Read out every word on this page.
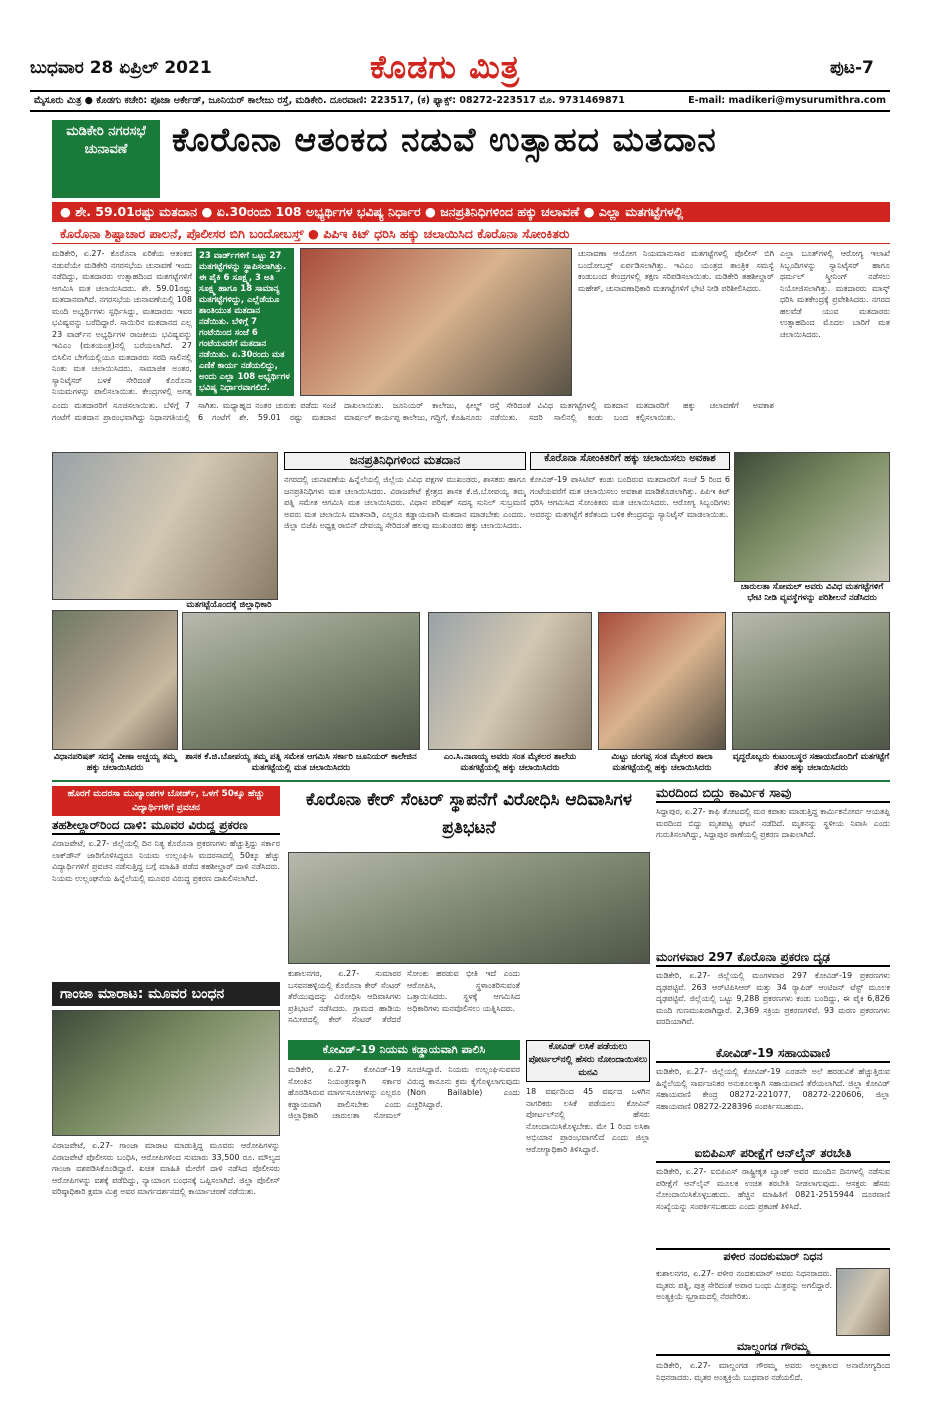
ಬುಧವಾರ 28 ಏಪ್ರಿಲ್ 2021	ಕೊಡಗು ಮಿತ್ರ	ಪುಟ-7
ಮೈಸೂರು ಮಿತ್ರ ● ಕೊಡಗು ಕಚೇರಿ: ಪೂಜಾ ಆರ್ಕೇಡ್, ಜೂನಿಯರ್ ಕಾಲೇಜು ರಸ್ತೆ, ಮಡಿಕೇರಿ. ದೂರವಾಣಿ: 223517, (ಕ) ಫ್ಯಾಕ್ಸ್: 08272-223517 ಮೊ. 9731469871	E-mail: madikeri@mysurumithra.com
ಮಡಿಕೇರಿ ನಗರಸಭೆ ಚುನಾವಣೆ	ಕೊರೊನಾ ಆತಂಕದ ನಡುವೆ ಉತ್ಸಾಹದ ಮತದಾನ
● ಶೇ. 59.01ರಷ್ಟು ಮತದಾನ ● ಏ.30ರಂದು 108 ಅಭ್ಯರ್ಥಿಗಳ ಭವಿಷ್ಯ ನಿರ್ಧಾರ ● ಜನಪ್ರತಿನಿಧಿಗಳಿಂದ ಹಕ್ಕು ಚಲಾವಣೆ ● ಎಲ್ಲಾ ಮತಗಟ್ಟೆಗಳಲ್ಲಿ
ಕೊರೊನಾ ಶಿಷ್ಟಾಚಾರ ಪಾಲನೆ, ಪೊಲೀಸರ ಬಿಗಿ ಬಂದೋಬಸ್ತ್ ● ಪಿಪಿಇ ಕಿಟ್ ಧರಿಸಿ ಹಕ್ಕು ಚಲಾಯಿಸಿದ ಕೊರೊನಾ ಸೋಂಕಿತರು
ಮಡಿಕೇರಿ, ಏ.27- ಕೊರೊನಾ ಏರಿಕೆಯ ಆತಂಕದ ನಡುವೆಯೇ ಮಡಿಕೇರಿ ನಗರಸಭೆಯ ಚುನಾವಣೆ ಇಂದು ನಡೆದಿದ್ದು, ಮತದಾರರು ಉತ್ಸಾಹದಿಂದ ಮತಗಟ್ಟೆಗಳಿಗೆ ಆಗಮಿಸಿ ಮತ ಚಲಾಯಿಸಿದರು. ಶೇ. 59.01ರಷ್ಟು ಮತದಾನವಾಗಿದೆ. ನಗರಸಭೆಯ ಚುನಾವಣೆಯಲ್ಲಿ 108 ಮಂದಿ ಅಭ್ಯರ್ಥಿಗಳು ಸ್ಪರ್ಧಿಸಿದ್ದು, ಮತದಾರರು ಇವರ ಭವಿಷ್ಯವನ್ನು ಬರೆದಿದ್ದಾರೆ. ಸಾಯಿರಿನ ಮತದಾನದ ಎಲ್ಲ 23 ವಾರ್ಡ್‌ನ ಅಭ್ಯರ್ಥಿಗಳ ರಾಜಕೀಯ ಭವಿಷ್ಯವನ್ನು ಇವಿಎಂ (ಮತಯಂತ್ರ)ನಲ್ಲಿ ಬರೆಯಲಾಗಿದೆ. 27 ಬಿಸಿಲಿನ ಬೇಗೆಯಲ್ಲಿಯೂ ಮತದಾರರು ಸರದಿ ಸಾಲಿನಲ್ಲಿ ನಿಂತು ಮತ ಚಲಾಯಿಸಿದರು. ಸಾಮಾಜಿಕ ಅಂತರ, ಸ್ಯಾನಿಟೈಸರ್ ಬಳಕೆ ಸೇರಿದಂತೆ ಕೊರೊನಾ ನಿಯಮಗಳನ್ನು ಪಾಲಿಸಲಾಯಿತು. ಕೇಂದ್ರಗಳಲ್ಲಿ ಅಗತ್ಯ
23 ವಾರ್ಡ್‌ಗಳಿಗೆ ಒಟ್ಟು 27 ಮತಗಟ್ಟೆಗಳನ್ನು ಸ್ಥಾಪಿಸಲಾಗಿತ್ತು. ಈ ಪೈಕಿ 6 ಸೂಕ್ಷ್ಮ, 3 ಅತಿ ಸೂಕ್ಷ್ಮ ಹಾಗೂ 18 ಸಾಮಾನ್ಯ ಮತಗಟ್ಟೆಗಳಿದ್ದು, ಎಲ್ಲೆಡೆಯೂ ಶಾಂತಿಯುತ ಮತದಾನ ನಡೆಯಿತು. ಬೆಳಿಗ್ಗೆ 7 ಗಂಟೆಯಿಂದ ಸಂಜೆ 6 ಗಂಟೆಯವರೆಗೆ ಮತದಾನ ನಡೆಯಿತು. ಏ.30ರಂದು ಮತ ಎಣಿಕೆ ಕಾರ್ಯ ನಡೆಯಲಿದ್ದು, ಅಂದು ಎಲ್ಲಾ 108 ಅಭ್ಯರ್ಥಿಗಳ ಭವಿಷ್ಯ ನಿರ್ಧಾರವಾಗಲಿದೆ.
ಚುನಾವಣಾ ಆಯೋಗ ನಿಯಮಾನುಸಾರ ಮತಗಟ್ಟೆಗಳಲ್ಲಿ ಪೊಲೀಸ್ ಬಿಗಿ ಬಂದೋಬಸ್ತ್ ಏರ್ಪಡಿಸಲಾಗಿತ್ತು. ಇವಿಎಂ ಯಂತ್ರದ ತಾಂತ್ರಿಕ ಸಮಸ್ಯೆ ಕಂಡುಬಂದ ಕೇಂದ್ರಗಳಲ್ಲಿ ತಕ್ಷಣ ಸರಿಪಡಿಸಲಾಯಿತು. ಮಡಿಕೇರಿ ತಹಶೀಲ್ದಾರ್ ಮಹೇಶ್, ಚುನಾವಣಾಧಿಕಾರಿ ಮತಗಟ್ಟೆಗಳಿಗೆ ಭೇಟಿ ನೀಡಿ ಪರಿಶೀಲಿಸಿದರು.
ಎಲ್ಲಾ ಬೂತ್‌ಗಳಲ್ಲಿ ಆರೋಗ್ಯ ಇಲಾಖೆ ಸಿಬ್ಬಂದಿಗಳನ್ನು ಸ್ಯಾನಿಟೈಸರ್ ಹಾಗೂ ಥರ್ಮಲ್ ಸ್ಕ್ರೀನಿಂಗ್ ನಡೆಸಲು ನಿಯೋಜಿಸಲಾಗಿತ್ತು. ಮತದಾರರು ಮಾಸ್ಕ್ ಧರಿಸಿ ಮತಕೇಂದ್ರಕ್ಕೆ ಪ್ರವೇಶಿಸಿದರು. ನಗರದ ಹಲವೆಡೆ ಯುವ ಮತದಾರರು ಉತ್ಸಾಹದಿಂದ ಮೊದಲ ಬಾರಿಗೆ ಮತ ಚಲಾಯಿಸಿದರು.
ಎಂದು ಮತದಾರರಿಗೆ ಸೂಚಿಸಲಾಯಿತು. ಬೆಳಿಗ್ಗೆ 7 ಗಂಟೆಗೆ ಮತದಾನ ಪ್ರಾರಂಭವಾಗಿದ್ದು ನಿಧಾನಗತಿಯಲ್ಲಿ ಸಾಗಿತು. ಮಧ್ಯಾಹ್ನದ ನಂತರ ಚುರುಕು ಪಡೆದು ಸಂಜೆ 6 ಗಂಟೆಗೆ ಶೇ. 59.01 ರಷ್ಟು ಮತದಾನ ದಾಖಲಾಯಿತು. ಜೂನಿಯರ್ ಕಾಲೇಜು, ಫೀಲ್ಡ್ ಮಾರ್ಷಲ್ ಕಾರ್ಯಪ್ಪ ಕಾಲೇಜು, ಗದ್ದಿಗೆ, ಕೊಹಿನೂರು ರಸ್ತೆ ಸೇರಿದಂತೆ ವಿವಿಧ ಮತಗಟ್ಟೆಗಳಲ್ಲಿ ಮತದಾನ ನಡೆಯಿತು. ಸದರಿ ಸಾಲಿನಲ್ಲಿ ಕಂಡು ಬಂದ ಮತದಾರರಿಗೆ ಹಕ್ಕು ಚಲಾವಣೆಗೆ ಅವಕಾಶ ಕಲ್ಪಿಸಲಾಯಿತು.
ಮತಗಟ್ಟೆಯೊಂದಕ್ಕೆ ಜಿಲ್ಲಾಧಿಕಾರಿ
ಜನಪ್ರತಿನಿಧಿಗಳಿಂದ ಮತದಾನ
ನಗರದಲ್ಲಿ ಚುನಾವಣೆಯ ಹಿನ್ನೆಲೆಯಲ್ಲಿ ಜಿಲ್ಲೆಯ ವಿವಿಧ ಪಕ್ಷಗಳ ಮುಖಂಡರು, ಶಾಸಕರು ಹಾಗೂ ಜನಪ್ರತಿನಿಧಿಗಳು ಮತ ಚಲಾಯಿಸಿದರು. ವಿರಾಜಪೇಟೆ ಕ್ಷೇತ್ರದ ಶಾಸಕ ಕೆ.ಜಿ.ಬೋಪಯ್ಯ ತಮ್ಮ ಪತ್ನಿ ಸಮೇತ ಆಗಮಿಸಿ ಮತ ಚಲಾಯಿಸಿದರು. ವಿಧಾನ ಪರಿಷತ್ ಸದಸ್ಯ ಸುನಿಲ್ ಸುಬ್ರಮಣಿ ಅವರು ಮತ ಚಲಾಯಿಸಿ ಮಾತನಾಡಿ, ಎಲ್ಲರೂ ಕಡ್ಡಾಯವಾಗಿ ಮತದಾನ ಮಾಡಬೇಕು ಎಂದರು. ಜಿಲ್ಲಾ ಬಿಜೆಪಿ ಅಧ್ಯಕ್ಷ ರಾಬಿನ್ ದೇವಯ್ಯ ಸೇರಿದಂತೆ ಹಲವು ಮುಖಂಡರು ಹಕ್ಕು ಚಲಾಯಿಸಿದರು.
ಕೊರೊನಾ ಸೋಂಕಿತರಿಗೆ ಹಕ್ಕು ಚಲಾಯಿಸಲು ಅವಕಾಶ
ಕೋವಿಡ್-19 ಪಾಸಿಟಿವ್ ಕಂಡು ಬಂದಿರುವ ಮತದಾರರಿಗೆ ಸಂಜೆ 5 ರಿಂದ 6 ಗಂಟೆಯವರೆಗೆ ಮತ ಚಲಾಯಿಸಲು ಅವಕಾಶ ಮಾಡಿಕೊಡಲಾಗಿತ್ತು. ಪಿಪಿಇ ಕಿಟ್ ಧರಿಸಿ ಆಗಮಿಸಿದ ಸೋಂಕಿತರು ಮತ ಚಲಾಯಿಸಿದರು. ಆರೋಗ್ಯ ಸಿಬ್ಬಂದಿಗಳು ಅವರನ್ನು ಮತಗಟ್ಟೆಗೆ ಕರೆತಂದು ಬಳಿಕ ಕೇಂದ್ರವನ್ನು ಸ್ಯಾನಿಟೈಸ್ ಮಾಡಲಾಯಿತು.
ಚಾರುಲತಾ ಸೋಮಲ್ ಅವರು ವಿವಿಧ ಮತಗಟ್ಟೆಗಳಿಗೆ ಭೇಟಿ ನೀಡಿ ವ್ಯವಸ್ಥೆಗಳನ್ನು ಪರಿಶೀಲನೆ ನಡೆಸಿದರು
ವಿಧಾನಪರಿಷತ್ ಸದಸ್ಯೆ ವೀಣಾ ಅಚ್ಚಯ್ಯ ತಮ್ಮ ಹಕ್ಕು ಚಲಾಯಿಸಿದರು
ಶಾಸಕ ಕೆ.ಜಿ.ಬೋಪಯ್ಯ ತಮ್ಮ ಪತ್ನಿ ಸಮೇತ ಆಗಮಿಸಿ ಸರ್ಕಾರಿ ಜೂನಿಯರ್ ಕಾಲೇಜಿನ ಮತಗಟ್ಟೆಯಲ್ಲಿ ಮತ ಚಲಾಯಿಸಿದರು
ಎಂ.ಸಿ.ನಾಣಯ್ಯ ಅವರು ಸಂತ ಮೈಕಲರ ಶಾಲೆಯ ಮತಗಟ್ಟೆಯಲ್ಲಿ ಹಕ್ಕು ಚಲಾಯಿಸಿದರು
ಮಿಟ್ಟು ಚಂಗಪ್ಪ ಸಂತ ಮೈಕಲರ ಶಾಲಾ ಮತಗಟ್ಟೆಯಲ್ಲಿ ಹಕ್ಕು ಚಲಾಯಿಸಿದರು
ವೃದ್ಧರೊಬ್ಬರು ಕುಟುಂಬಸ್ಥರ ಸಹಾಯದೊಂದಿಗೆ ಮತಗಟ್ಟೆಗೆ ತೆರಳಿ ಹಕ್ಕು ಚಲಾಯಿಸಿದರು
ಹೊರಗೆ ಮದರಸಾ ಮುಖ್ಯಾಂಶಗಳ ಬೋರ್ಡ್, ಒಳಗೆ 50ಕ್ಕೂ ಹೆಚ್ಚು ವಿದ್ಯಾರ್ಥಿಗಳಿಗೆ ಪ್ರವಚನ
ತಹಶೀಲ್ದಾರ್‌ರಿಂದ ದಾಳಿ: ಮೂವರ ವಿರುದ್ಧ ಪ್ರಕರಣ
ವಿರಾಜಪೇಟೆ, ಏ.27- ಜಿಲ್ಲೆಯಲ್ಲಿ ದಿನ ನಿತ್ಯ ಕೊರೊನಾ ಪ್ರಕರಣಗಳು ಹೆಚ್ಚುತ್ತಿದ್ದು ಸರ್ಕಾರ ಲಾಕ್‌ಡೌನ್ ಜಾರಿಗೊಳಿಸಿದ್ದರೂ ನಿಯಮ ಉಲ್ಲಂಘಿಸಿ ಮದರಸಾದಲ್ಲಿ 50ಕ್ಕೂ ಹೆಚ್ಚು ವಿದ್ಯಾರ್ಥಿಗಳಿಗೆ ಪ್ರವಚನ ನಡೆಸುತ್ತಿದ್ದ ಬಗ್ಗೆ ಮಾಹಿತಿ ಪಡೆದ ತಹಶೀಲ್ದಾರ್ ದಾಳಿ ನಡೆಸಿದರು. ನಿಯಮ ಉಲ್ಲಂಘನೆಯ ಹಿನ್ನೆಲೆಯಲ್ಲಿ ಮೂವರ ವಿರುದ್ಧ ಪ್ರಕರಣ ದಾಖಲಿಸಲಾಗಿದೆ.
ಗಾಂಜಾ ಮಾರಾಟ: ಮೂವರ ಬಂಧನ
ವಿರಾಜಪೇಟೆ, ಏ.27- ಗಾಂಜಾ ಮಾರಾಟ ಮಾಡುತ್ತಿದ್ದ ಮೂವರು ಆರೋಪಿಗಳನ್ನು ವಿರಾಜಪೇಟೆ ಪೊಲೀಸರು ಬಂಧಿಸಿ, ಆರೋಪಿಗಳಿಂದ ಸುಮಾರು 33,500 ರೂ. ಮೌಲ್ಯದ ಗಾಂಜಾ ವಶಪಡಿಸಿಕೊಂಡಿದ್ದಾರೆ. ಖಚಿತ ಮಾಹಿತಿ ಮೇರೆಗೆ ದಾಳಿ ನಡೆಸಿದ ಪೊಲೀಸರು ಆರೋಪಿಗಳನ್ನು ವಶಕ್ಕೆ ಪಡೆದಿದ್ದು, ನ್ಯಾಯಾಂಗ ಬಂಧನಕ್ಕೆ ಒಪ್ಪಿಸಲಾಗಿದೆ. ಜಿಲ್ಲಾ ಪೊಲೀಸ್ ವರಿಷ್ಠಾಧಿಕಾರಿ ಕ್ಷಮಾ ಮಿಶ್ರ ಅವರ ಮಾರ್ಗದರ್ಶನದಲ್ಲಿ ಕಾರ್ಯಾಚರಣೆ ನಡೆಯಿತು.
ಕೊರೊನಾ ಕೇರ್ ಸೆಂಟರ್ ಸ್ಥಾಪನೆಗೆ ವಿರೋಧಿಸಿ ಆದಿವಾಸಿಗಳ ಪ್ರತಿಭಟನೆ
ಕುಶಾಲನಗರ, ಏ.27- ಸುಮಾರರ ಬಸವನಹಳ್ಳಿಯಲ್ಲಿ ಕೊರೊನಾ ಕೇರ್ ಸೆಂಟರ್ ತೆರೆಯುವುದನ್ನು ವಿರೋಧಿಸಿ ಆದಿವಾಸಿಗಳು ಪ್ರತಿಭಟನೆ ನಡೆಸಿದರು. ಗ್ರಾಮದ ಹಾಡಿಯ ಸಮೀಪದಲ್ಲಿ ಕೇರ್ ಸೆಂಟರ್ ತೆರೆದರೆ ಸೋಂಕು ಹರಡುವ ಭೀತಿ ಇದೆ ಎಂದು ಆರೋಪಿಸಿ, ಸ್ಥಳಾಂತರಿಸುವಂತೆ ಒತ್ತಾಯಿಸಿದರು. ಸ್ಥಳಕ್ಕೆ ಆಗಮಿಸಿದ ಅಧಿಕಾರಿಗಳು ಮನವೊಲಿಸಲು ಯತ್ನಿಸಿದರು.
ಕೋವಿಡ್-19 ನಿಯಮ ಕಡ್ಡಾಯವಾಗಿ ಪಾಲಿಸಿ
ಮಡಿಕೇರಿ, ಏ.27- ಕೋವಿಡ್-19 ಸೋಂಕಿನ ನಿಯಂತ್ರಣಕ್ಕಾಗಿ ಸರ್ಕಾರ ಹೊರಡಿಸಿರುವ ಮಾರ್ಗಸೂಚಿಗಳನ್ನು ಎಲ್ಲರೂ ಕಡ್ಡಾಯವಾಗಿ ಪಾಲಿಸಬೇಕು ಎಂದು ಜಿಲ್ಲಾಧಿಕಾರಿ ಚಾರುಲತಾ ಸೋಮಲ್ ಸೂಚಿಸಿದ್ದಾರೆ. ನಿಯಮ ಉಲ್ಲಂಘಿಸುವವರ ವಿರುದ್ಧ ಕಾನೂನು ಕ್ರಮ ಕೈಗೊಳ್ಳಲಾಗುವುದು (Non Bailable) ಎಂದು ಎಚ್ಚರಿಸಿದ್ದಾರೆ.
ಕೋವಿಡ್ ಲಸಿಕೆ ಪಡೆಯಲು ಪೋರ್ಟಲ್‌ನಲ್ಲಿ ಹೆಸರು ನೋಂದಾಯಿಸಲು ಮನವಿ
18 ವರ್ಷದಿಂದ 45 ವರ್ಷದ ಒಳಗಿನ ನಾಗರಿಕರು ಲಸಿಕೆ ಪಡೆಯಲು ಕೋವಿನ್ ಪೋರ್ಟಲ್‌ನಲ್ಲಿ ಹೆಸರು ನೋಂದಾಯಿಸಿಕೊಳ್ಳಬೇಕು. ಮೇ 1 ರಿಂದ ಲಸಿಕಾ ಅಭಿಯಾನ ಪ್ರಾರಂಭವಾಗಲಿದೆ ಎಂದು ಜಿಲ್ಲಾ ಆರೋಗ್ಯಾಧಿಕಾರಿ ತಿಳಿಸಿದ್ದಾರೆ.
ಮರದಿಂದ ಬಿದ್ದು ಕಾರ್ಮಿಕ ಸಾವು
ಸಿದ್ದಾಪುರ, ಏ.27- ಕಾಫಿ ತೋಟದಲ್ಲಿ ಮರ ಕಪಾತು ಮಾಡುತ್ತಿದ್ದ ಕಾರ್ಮಿಕನೋರ್ವ ಆಯತಪ್ಪಿ ಮರದಿಂದ ಬಿದ್ದು ಮೃತಪಟ್ಟ ಘಟನೆ ನಡೆದಿದೆ. ಮೃತನನ್ನು ಸ್ಥಳೀಯ ನಿವಾಸಿ ಎಂದು ಗುರುತಿಸಲಾಗಿದ್ದು, ಸಿದ್ದಾಪುರ ಠಾಣೆಯಲ್ಲಿ ಪ್ರಕರಣ ದಾಖಲಾಗಿದೆ.
ಮಂಗಳವಾರ 297 ಕೊರೊನಾ ಪ್ರಕರಣ ದೃಢ
ಮಡಿಕೇರಿ, ಏ.27- ಜಿಲ್ಲೆಯಲ್ಲಿ ಮಂಗಳವಾರ 297 ಕೋವಿಡ್-19 ಪ್ರಕರಣಗಳು ದೃಢಪಟ್ಟಿವೆ. 263 ಆರ್‌ಟಿಪಿಸಿಆರ್ ಮತ್ತು 34 ರ‍್ಯಾಪಿಡ್ ಆಂಟಿಜನ್ ಟೆಸ್ಟ್ ಮೂಲಕ ದೃಢಪಟ್ಟಿವೆ. ಜಿಲ್ಲೆಯಲ್ಲಿ ಒಟ್ಟು 9,288 ಪ್ರಕರಣಗಳು ಕಂಡು ಬಂದಿದ್ದು, ಈ ಪೈಕಿ 6,826 ಮಂದಿ ಗುಣಮುಖರಾಗಿದ್ದಾರೆ. 2,369 ಸಕ್ರಿಯ ಪ್ರಕರಣಗಳಿವೆ. 93 ಮರಣ ಪ್ರಕರಣಗಳು ವರದಿಯಾಗಿವೆ.
ಕೋವಿಡ್-19 ಸಹಾಯವಾಣಿ
ಮಡಿಕೇರಿ, ಏ.27- ಜಿಲ್ಲೆಯಲ್ಲಿ ಕೋವಿಡ್-19 ಎರಡನೇ ಅಲೆ ಹರಡುವಿಕೆ ಹೆಚ್ಚುತ್ತಿರುವ ಹಿನ್ನೆಲೆಯಲ್ಲಿ ಸಾರ್ವಜನಿಕರ ಅನುಕೂಲಕ್ಕಾಗಿ ಸಹಾಯವಾಣಿ ತೆರೆಯಲಾಗಿದೆ. ಜಿಲ್ಲಾ ಕೋವಿಡ್ ಸಹಾಯವಾಣಿ ಕೇಂದ್ರ 08272-221077, 08272-220606, ಜಿಲ್ಲಾ ಸಹಾಯವಾಣಿ 08272-228396 ಸಂಪರ್ಕಿಸಬಹುದು.
ಐಬಿಪಿಎಸ್ ಪರೀಕ್ಷೆಗೆ ಆನ್‌ಲೈನ್ ತರಬೇತಿ
ಮಡಿಕೇರಿ, ಏ.27- ಐಬಿಪಿಎಸ್ ರಾಷ್ಟ್ರೀಕೃತ ಬ್ಯಾಂಕ್ ಅವರ ಮುಂದಿನ ದಿನಗಳಲ್ಲಿ ನಡೆಸುವ ಪರೀಕ್ಷೆಗೆ ಆನ್‌ಲೈನ್ ಮೂಲಕ ಉಚಿತ ತರಬೇತಿ ನೀಡಲಾಗುವುದು. ಆಸಕ್ತರು ಹೆಸರು ನೋಂದಾಯಿಸಿಕೊಳ್ಳಬಹುದು. ಹೆಚ್ಚಿನ ಮಾಹಿತಿಗೆ 0821-2515944 ದೂರವಾಣಿ ಸಂಖ್ಯೆಯನ್ನು ಸಂಪರ್ಕಿಸಬಹುದು ಎಂದು ಪ್ರಕಟಣೆ ತಿಳಿಸಿದೆ.
ಪಳೀರ ನಂದಕುಮಾರ್ ನಿಧನ
ಕುಶಾಲನಗರ, ಏ.27- ಪಳೀರ ನಂದಕುಮಾರ್ ಅವರು ನಿಧನರಾದರು. ಮೃತರು ಪತ್ನಿ, ಪುತ್ರ ಸೇರಿದಂತೆ ಅಪಾರ ಬಂಧು ಮಿತ್ರರನ್ನು ಅಗಲಿದ್ದಾರೆ. ಅಂತ್ಯಕ್ರಿಯೆ ಸ್ವಗ್ರಾಮದಲ್ಲಿ ನೆರವೇರಿತು.
ಮಾಲ್ದಂಗಡ ಗೌರಮ್ಮ
ಮಡಿಕೇರಿ, ಏ.27- ಮಾಲ್ದಂಗಡ ಗೌರಮ್ಮ ಅವರು ಅಲ್ಪಕಾಲದ ಅನಾರೋಗ್ಯದಿಂದ ನಿಧನರಾದರು. ಮೃತರ ಅಂತ್ಯಕ್ರಿಯೆ ಬುಧವಾರ ನಡೆಯಲಿದೆ.
